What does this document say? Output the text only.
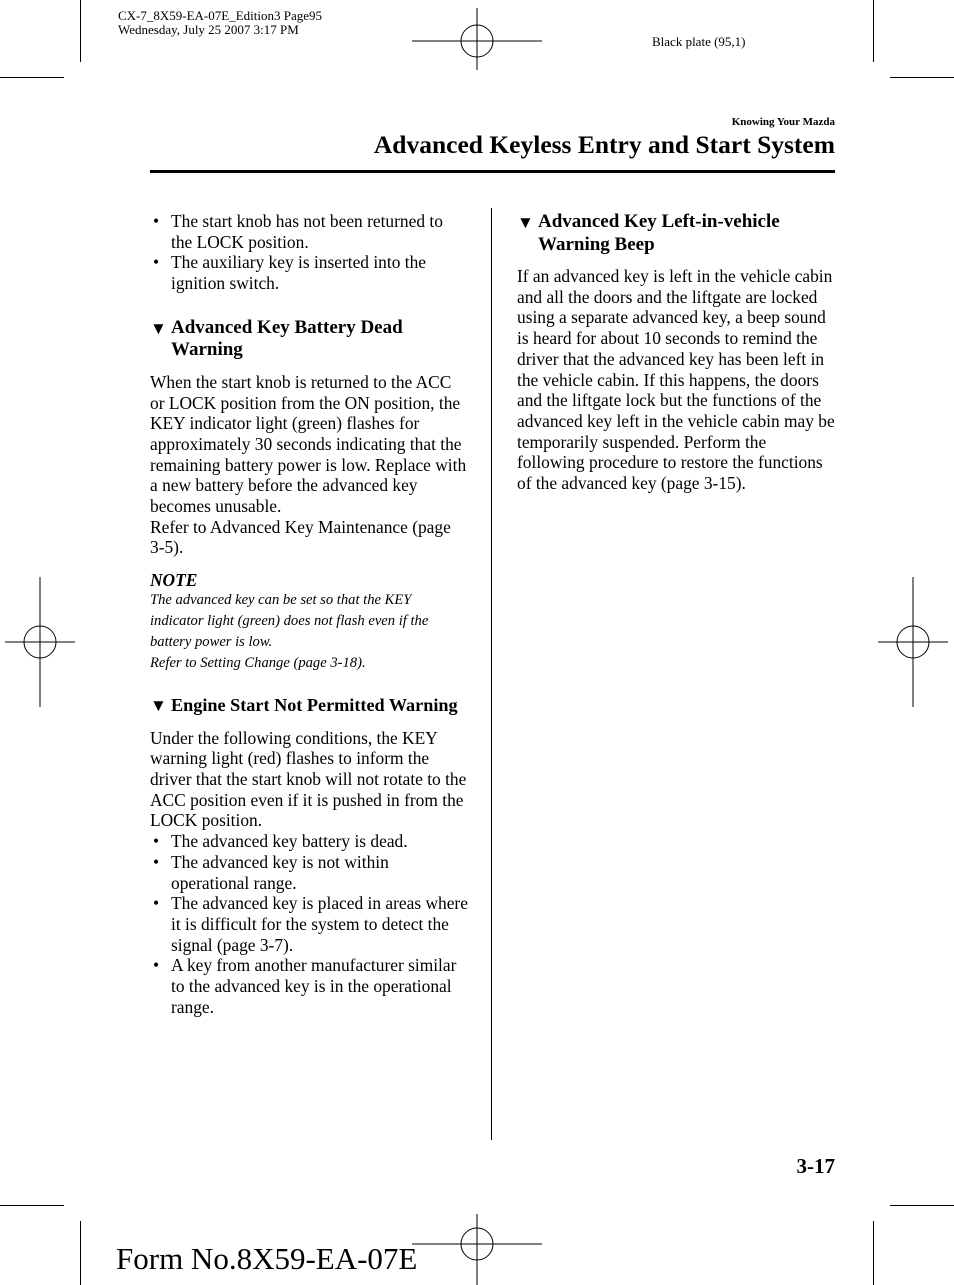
CX-7_8X59-EA-07E_Edition3 Page95
Wednesday, July 25 2007 3:17 PM
Black plate (95,1)
Knowing Your Mazda
Advanced Keyless Entry and Start System
• The start knob has not been returned to the LOCK position.
• The auxiliary key is inserted into the ignition switch.
▼ Advanced Key Battery Dead
Warning

When the start knob is returned to the ACC or LOCK position from the ON position, the KEY indicator light (green) flashes for approximately 30 seconds indicating that the remaining battery power is low. Replace with a new battery before the advanced key becomes unusable.

Refer to Advanced Key Maintenance (page 3-5).

NOTE
The advanced key can be set so that the KEY indicator light (green) does not flash even if the battery power is low.
Refer to Setting Change (page 3-18).
▼ Engine Start Not Permitted Warning

Under the following conditions, the KEY warning light (red) flashes to inform the driver that the start knob will not rotate to the ACC position even if it is pushed in from the LOCK position.

• The advanced key battery is dead.
• The advanced key is not within operational range.
• The advanced key is placed in areas where it is difficult for the system to detect the signal (page 3-7).
• A key from another manufacturer similar to the advanced key is in the operational range.
▼ Advanced Key Left-in-vehicle
Warning Beep

If an advanced key is left in the vehicle cabin and all the doors and the liftgate are locked using a separate advanced key, a beep sound is heard for about 10 seconds to remind the driver that the advanced key has been left in the vehicle cabin. If this happens, the doors and the liftgate lock but the functions of the advanced key left in the vehicle cabin may be temporarily suspended. Perform the following procedure to restore the functions of the advanced key (page 3-15).

3-17
Form No.8X59-EA-07E
